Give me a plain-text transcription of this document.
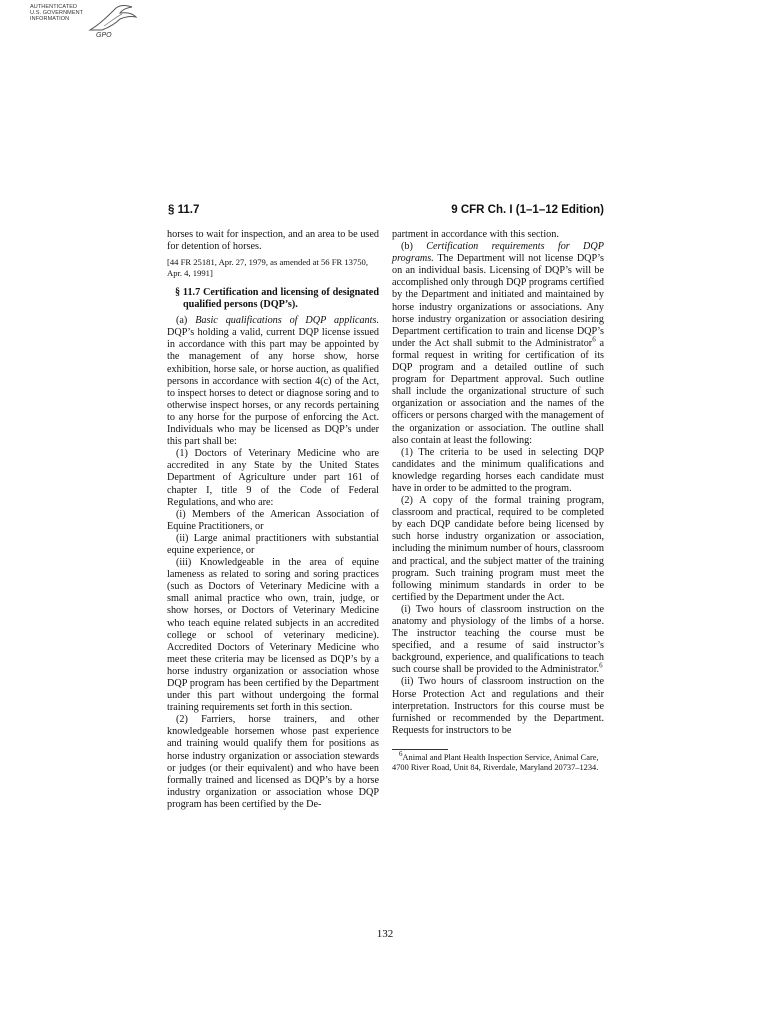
AUTHENTICATED
U.S. GOVERNMENT
INFORMATION
GPO
§ 11.7	9 CFR Ch. I (1–1–12 Edition)

horses to wait for inspection, and an area to be used for detention of horses.

[44 FR 25181, Apr. 27, 1979, as amended at 56 FR 13750, Apr. 4, 1991]

§ 11.7 Certification and licensing of designated qualified persons (DQP’s).

(a) Basic qualifications of DQP applicants. DQP’s holding a valid, current DQP license issued in accordance with this part may be appointed by the management of any horse show, horse exhibition, horse sale, or horse auction, as qualified persons in accordance with section 4(c) of the Act, to inspect horses to detect or diagnose soring and to otherwise inspect horses, or any records pertaining to any horse for the purpose of enforcing the Act. Individuals who may be licensed as DQP’s under this part shall be:

(1) Doctors of Veterinary Medicine who are accredited in any State by the United States Department of Agriculture under part 161 of chapter I, title 9 of the Code of Federal Regulations, and who are:

(i) Members of the American Association of Equine Practitioners, or

(ii) Large animal practitioners with substantial equine experience, or

(iii) Knowledgeable in the area of equine lameness as related to soring and soring practices (such as Doctors of Veterinary Medicine with a small animal practice who own, train, judge, or show horses, or Doctors of Veterinary Medicine who teach equine related subjects in an accredited college or school of veterinary medicine). Accredited Doctors of Veterinary Medicine who meet these criteria may be licensed as DQP’s by a horse industry organization or association whose DQP program has been certified by the Department under this part without undergoing the formal training requirements set forth in this section.

(2) Farriers, horse trainers, and other knowledgeable horsemen whose past experience and training would qualify them for positions as horse industry organization or association stewards or judges (or their equivalent) and who have been formally trained and licensed as DQP’s by a horse industry organization or association whose DQP program has been certified by the De-

partment in accordance with this section.

(b) Certification requirements for DQP programs. The Department will not license DQP’s on an individual basis. Licensing of DQP’s will be accomplished only through DQP programs certified by the Department and initiated and maintained by horse industry organizations or associations. Any horse industry organization or association desiring Department certification to train and license DQP’s under the Act shall submit to the Administrator$^6$ a formal request in writing for certification of its DQP program and a detailed outline of such program for Department approval. Such outline shall include the organizational structure of such organization or association and the names of the officers or persons charged with the management of the organization or association. The outline shall also contain at least the following:

(1) The criteria to be used in selecting DQP candidates and the minimum qualifications and knowledge regarding horses each candidate must have in order to be admitted to the program.

(2) A copy of the formal training program, classroom and practical, required to be completed by each DQP candidate before being licensed by such horse industry organization or association, including the minimum number of hours, classroom and practical, and the subject matter of the training program. Such training program must meet the following minimum standards in order to be certified by the Department under the Act.

(i) Two hours of classroom instruction on the anatomy and physiology of the limbs of a horse. The instructor teaching the course must be specified, and a resume of said instructor’s background, experience, and qualifications to teach such course shall be provided to the Administrator.$^6$

(ii) Two hours of classroom instruction on the Horse Protection Act and regulations and their interpretation. Instructors for this course must be furnished or recommended by the Department. Requests for instructors to be

$^6$Animal and Plant Health Inspection Service, Animal Care, 4700 River Road, Unit 84, Riverdale, Maryland 20737–1234.

132
